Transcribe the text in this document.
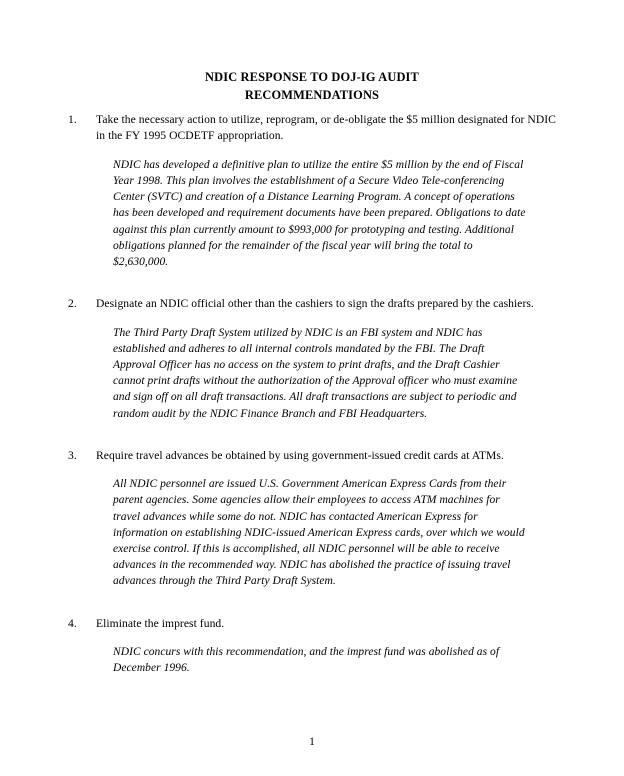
NDIC RESPONSE TO DOJ-IG AUDIT
RECOMMENDATIONS
1.	Take the necessary action to utilize, reprogram, or de-obligate the $5 million designated for NDIC in the FY 1995 OCDETF appropriation.
NDIC has developed a definitive plan to utilize the entire $5 million by the end of Fiscal Year 1998. This plan involves the establishment of a Secure Video Tele-conferencing Center (SVTC) and creation of a Distance Learning Program. A concept of operations has been developed and requirement documents have been prepared. Obligations to date against this plan currently amount to $993,000 for prototyping and testing. Additional obligations planned for the remainder of the fiscal year will bring the total to $2,630,000.
2.	Designate an NDIC official other than the cashiers to sign the drafts prepared by the cashiers.
The Third Party Draft System utilized by NDIC is an FBI system and NDIC has established and adheres to all internal controls mandated by the FBI. The Draft Approval Officer has no access on the system to print drafts, and the Draft Cashier cannot print drafts without the authorization of the Approval officer who must examine and sign off on all draft transactions. All draft transactions are subject to periodic and random audit by the NDIC Finance Branch and FBI Headquarters.
3.	Require travel advances be obtained by using government-issued credit cards at ATMs.
All NDIC personnel are issued U.S. Government American Express Cards from their parent agencies. Some agencies allow their employees to access ATM machines for travel advances while some do not. NDIC has contacted American Express for information on establishing NDIC-issued American Express cards, over which we would exercise control. If this is accomplished, all NDIC personnel will be able to receive advances in the recommended way. NDIC has abolished the practice of issuing travel advances through the Third Party Draft System.
4.	Eliminate the imprest fund.
NDIC concurs with this recommendation, and the imprest fund was abolished as of December 1996.
1
